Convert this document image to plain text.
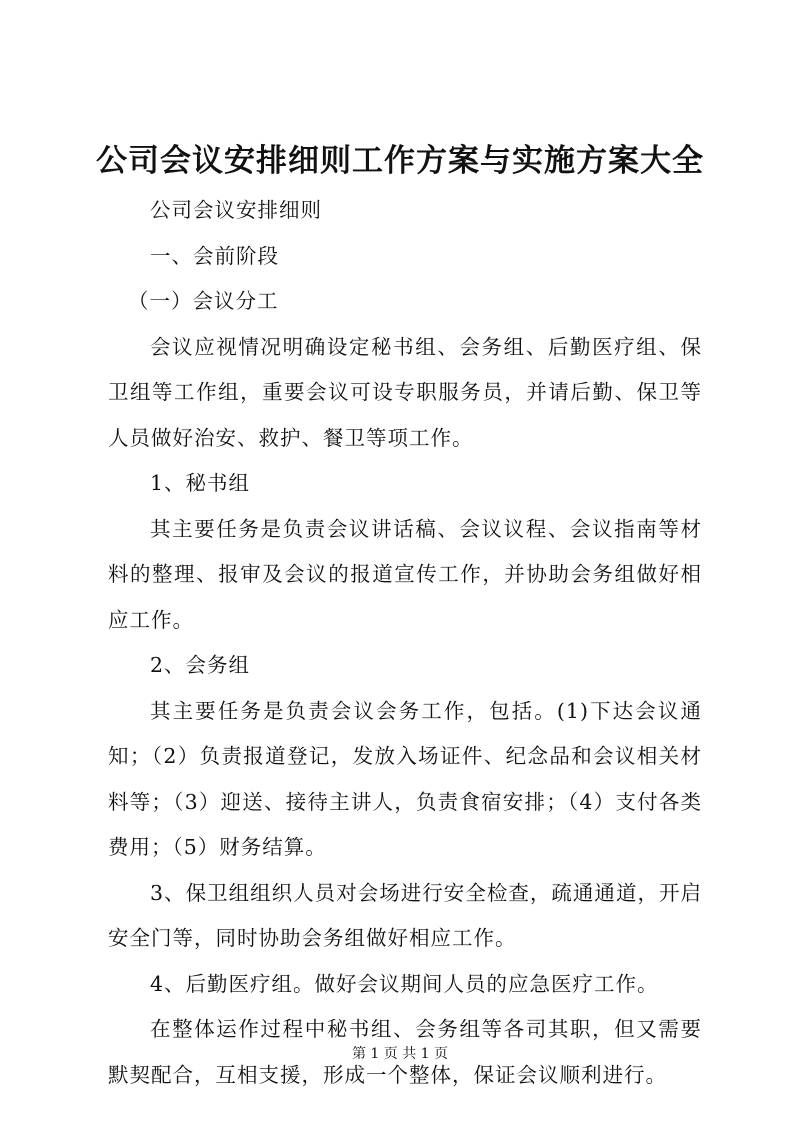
公司会议安排细则工作方案与实施方案大全

公司会议安排细则

一、会前阶段

（一）会议分工

会议应视情况明确设定秘书组、会务组、后勤医疗组、保卫组等工作组，重要会议可设专职服务员，并请后勤、保卫等人员做好治安、救护、餐卫等项工作。

1、秘书组

其主要任务是负责会议讲话稿、会议议程、会议指南等材料的整理、报审及会议的报道宣传工作，并协助会务组做好相应工作。

2、会务组

其主要任务是负责会议会务工作，包括。(1)下达会议通知；（2）负责报道登记，发放入场证件、纪念品和会议相关材料等；（3）迎送、接待主讲人，负责食宿安排；（4）支付各类费用；（5）财务结算。

3、保卫组组织人员对会场进行安全检查，疏通通道，开启安全门等，同时协助会务组做好相应工作。

4、后勤医疗组。做好会议期间人员的应急医疗工作。

在整体运作过程中秘书组、会务组等各司其职，但又需要默契配合，互相支援，形成一个整体，保证会议顺利进行。

第 1 页 共 1 页
